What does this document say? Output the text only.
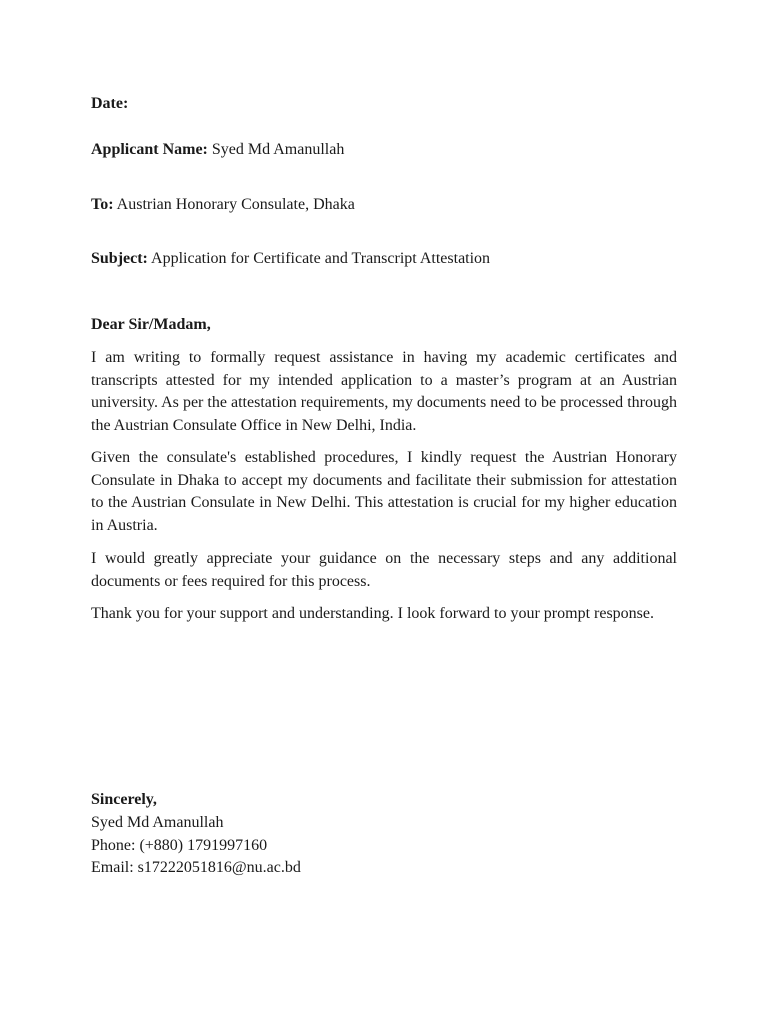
Date:
Applicant Name: Syed Md Amanullah
To: Austrian Honorary Consulate, Dhaka
Subject: Application for Certificate and Transcript Attestation
Dear Sir/Madam,
I am writing to formally request assistance in having my academic certificates and transcripts attested for my intended application to a master’s program at an Austrian university. As per the attestation requirements, my documents need to be processed through the Austrian Consulate Office in New Delhi, India.
Given the consulate's established procedures, I kindly request the Austrian Honorary Consulate in Dhaka to accept my documents and facilitate their submission for attestation to the Austrian Consulate in New Delhi. This attestation is crucial for my higher education in Austria.
I would greatly appreciate your guidance on the necessary steps and any additional documents or fees required for this process.
Thank you for your support and understanding. I look forward to your prompt response.
Sincerely,
Syed Md Amanullah
Phone: (+880) 1791997160
Email: s17222051816@nu.ac.bd
